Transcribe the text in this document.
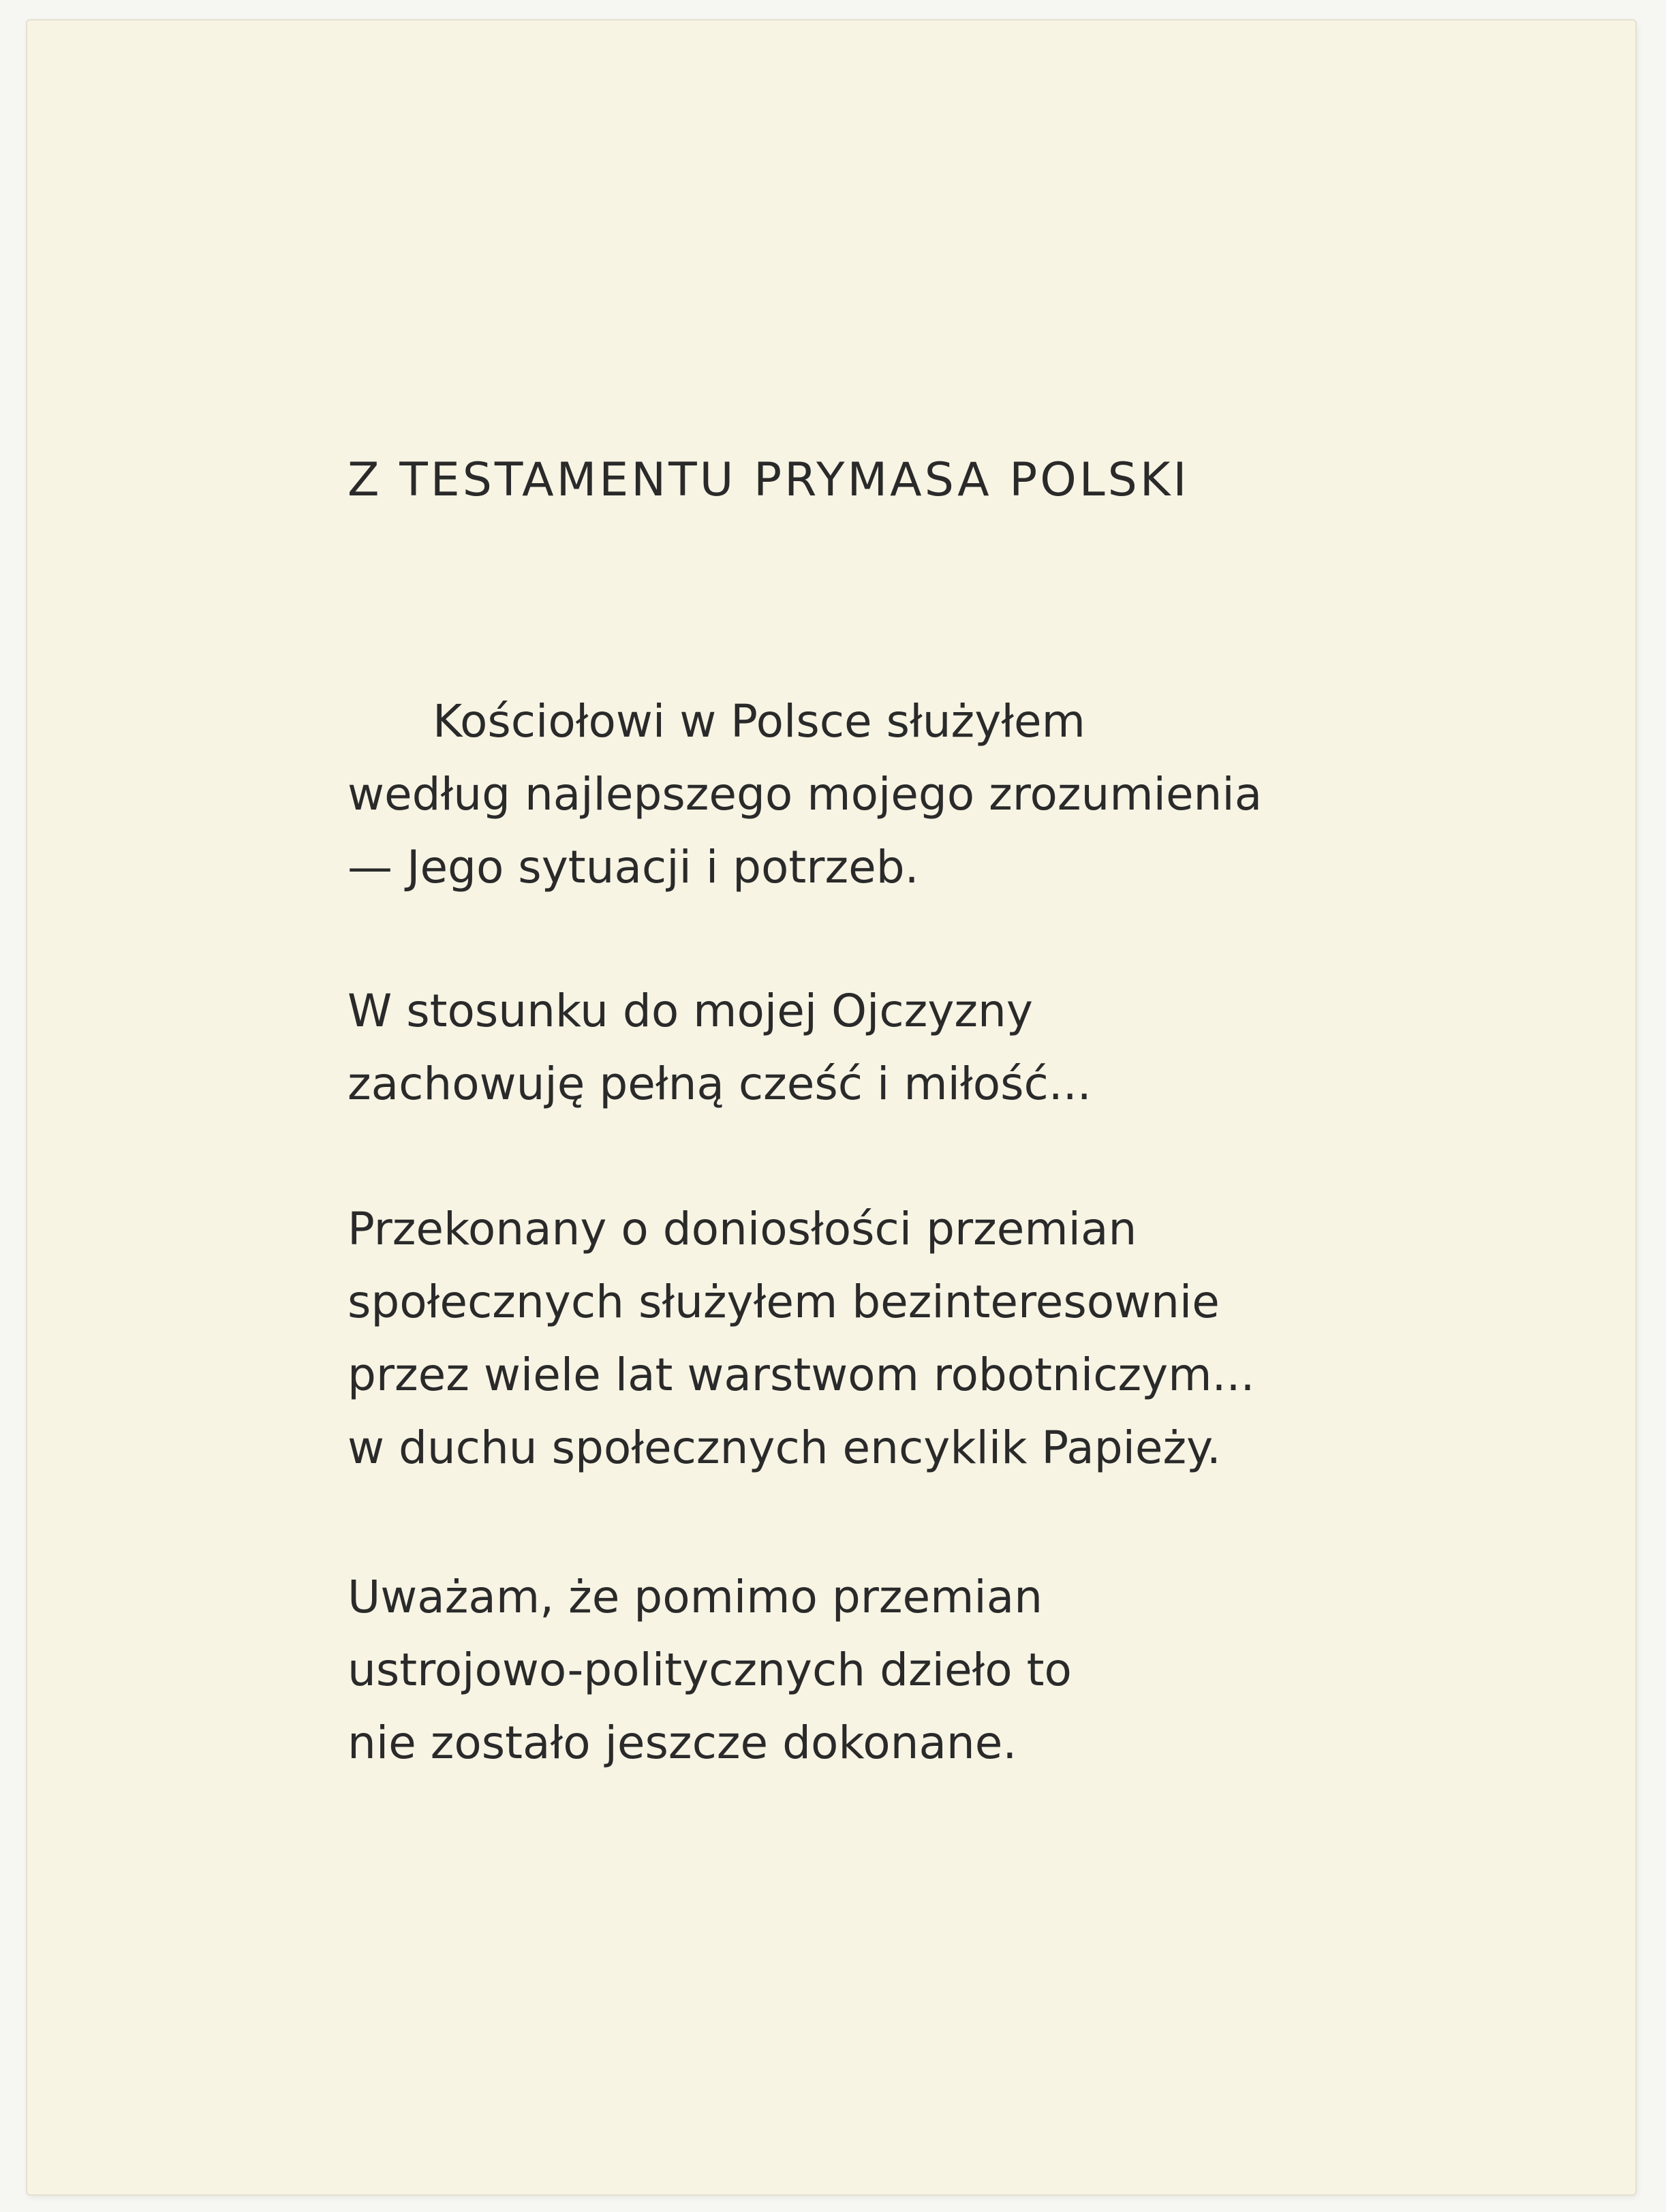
Z TESTAMENTU PRYMASA POLSKI
Kościołowi w Polsce służyłem
według najlepszego mojego zrozumienia
— Jego sytuacji i potrzeb.
W stosunku do mojej Ojczyzny
zachowuję pełną cześć i miłość...
Przekonany o doniosłości przemian
społecznych służyłem bezinteresownie
przez wiele lat warstwom robotniczym...
w duchu społecznych encyklik Papieży.
Uważam, że pomimo przemian
ustrojowo-politycznych dzieło to
nie zostało jeszcze dokonane.
